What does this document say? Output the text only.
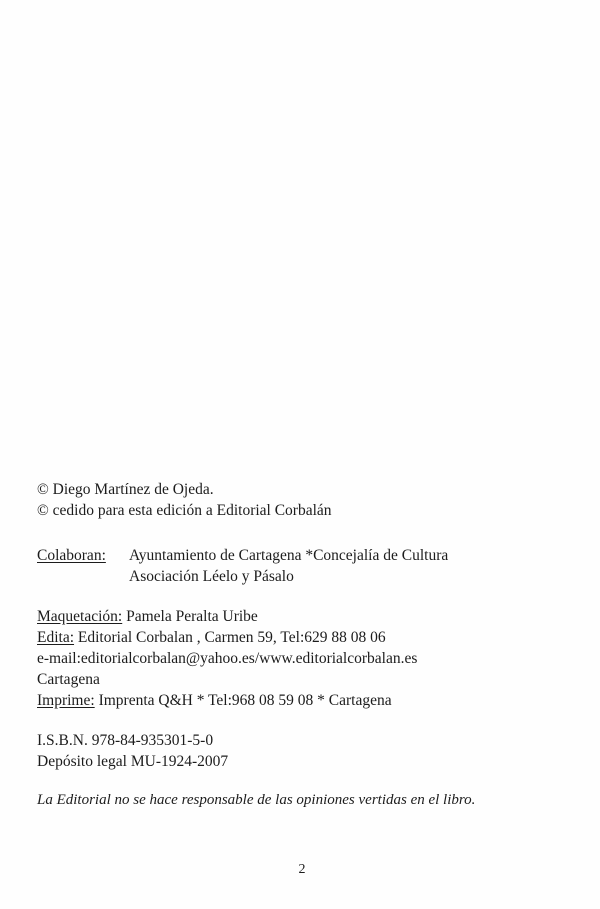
© Diego Martínez de Ojeda.
© cedido para esta edición a Editorial Corbalán
Colaboran:	Ayuntamiento de Cartagena *Concejalía de Cultura
Asociación Léelo y Pásalo
Maquetación: Pamela Peralta Uribe
Edita: Editorial Corbalan , Carmen 59, Tel:629 88 08 06
e-mail:editorialcorbalan@yahoo.es/www.editorialcorbalan.es
Cartagena
Imprime: Imprenta Q&H * Tel:968 08 59 08 * Cartagena
I.S.B.N. 978-84-935301-5-0
Depósito legal MU-1924-2007
La Editorial no se hace responsable de las opiniones vertidas en el libro.
2
